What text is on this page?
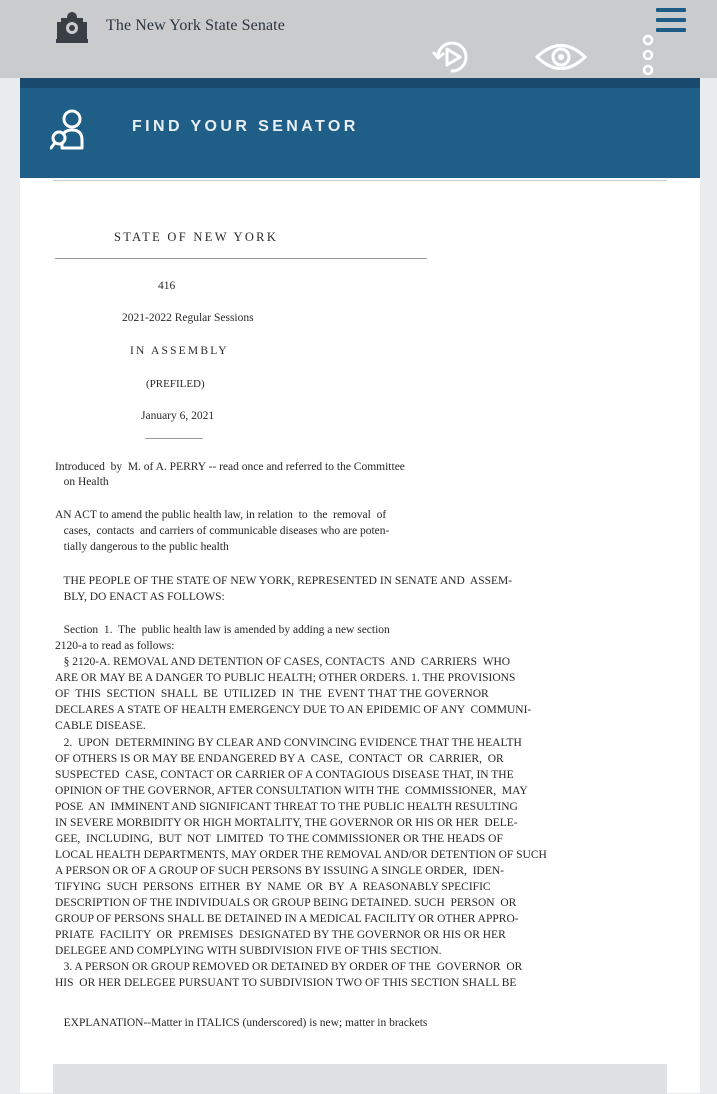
The New York State Senate
FIND YOUR SENATOR
STATE OF NEW YORK
416
2021-2022 Regular Sessions
IN ASSEMBLY
(PREFILED)
January 6, 2021
Introduced  by  M. of A. PERRY -- read once and referred to the Committee
on Health
AN ACT to amend the public health law, in relation  to  the  removal  of
cases,  contacts  and carriers of communicable diseases who are poten-
tially dangerous to the public health
THE PEOPLE OF THE STATE OF NEW YORK, REPRESENTED IN SENATE AND  ASSEM-
BLY, DO ENACT AS FOLLOWS:
Section  1.  The  public health law is amended by adding a new section
2120-a to read as follows:
§ 2120-A. REMOVAL AND DETENTION OF CASES, CONTACTS  AND  CARRIERS  WHO
ARE OR MAY BE A DANGER TO PUBLIC HEALTH; OTHER ORDERS. 1. THE PROVISIONS
OF  THIS  SECTION  SHALL  BE  UTILIZED  IN  THE  EVENT THAT THE GOVERNOR
DECLARES A STATE OF HEALTH EMERGENCY DUE TO AN EPIDEMIC OF ANY  COMMUNI-
CABLE DISEASE.
2.  UPON  DETERMINING BY CLEAR AND CONVINCING EVIDENCE THAT THE HEALTH
OF OTHERS IS OR MAY BE ENDANGERED BY A  CASE,  CONTACT  OR  CARRIER,  OR
SUSPECTED  CASE, CONTACT OR CARRIER OF A CONTAGIOUS DISEASE THAT, IN THE
OPINION OF THE GOVERNOR, AFTER CONSULTATION WITH THE  COMMISSIONER,  MAY
POSE  AN  IMMINENT AND SIGNIFICANT THREAT TO THE PUBLIC HEALTH RESULTING
IN SEVERE MORBIDITY OR HIGH MORTALITY, THE GOVERNOR OR HIS OR HER  DELE-
GEE,  INCLUDING,  BUT  NOT  LIMITED  TO THE COMMISSIONER OR THE HEADS OF
LOCAL HEALTH DEPARTMENTS, MAY ORDER THE REMOVAL AND/OR DETENTION OF SUCH
A PERSON OR OF A GROUP OF SUCH PERSONS BY ISSUING A SINGLE ORDER,  IDEN-
TIFYING  SUCH  PERSONS  EITHER  BY  NAME  OR  BY  A  REASONABLY SPECIFIC
DESCRIPTION OF THE INDIVIDUALS OR GROUP BEING DETAINED. SUCH  PERSON  OR
GROUP OF PERSONS SHALL BE DETAINED IN A MEDICAL FACILITY OR OTHER APPRO-
PRIATE  FACILITY  OR  PREMISES  DESIGNATED BY THE GOVERNOR OR HIS OR HER
DELEGEE AND COMPLYING WITH SUBDIVISION FIVE OF THIS SECTION.
3. A PERSON OR GROUP REMOVED OR DETAINED BY ORDER OF THE  GOVERNOR  OR
HIS  OR HER DELEGEE PURSUANT TO SUBDIVISION TWO OF THIS SECTION SHALL BE
EXPLANATION--Matter in ITALICS (underscored) is new; matter in brackets
